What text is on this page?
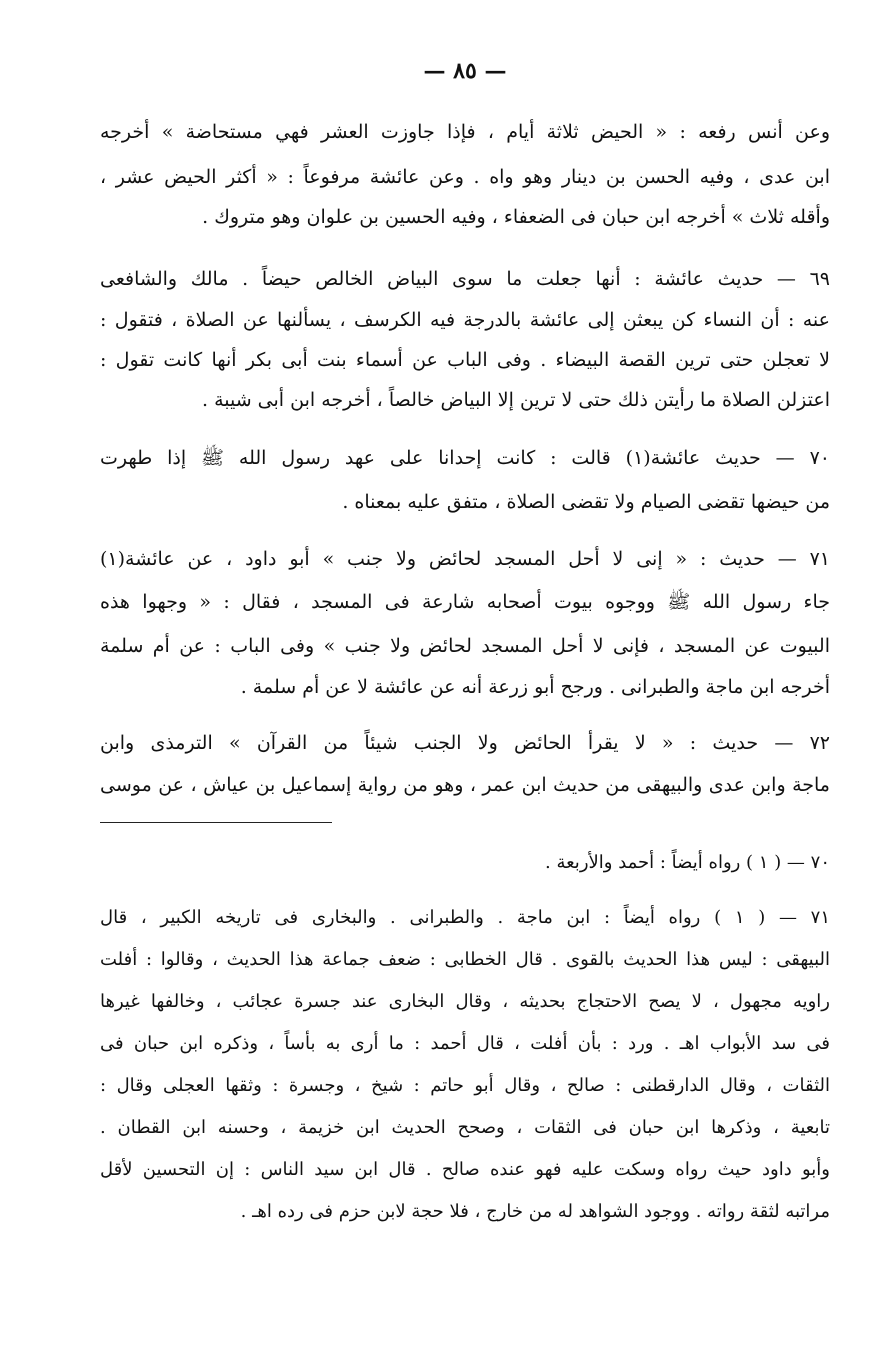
— ٨٥ —
وعن أنس رفعه : « الحيض ثلاثة أيام ، فإذا جاوزت العشر فهي مستحاضة » أخرجه
ابن عدى ، وفيه الحسن بن دينار وهو واه . وعن عائشة مرفوعاً : « أكثر الحيض عشر ،
وأقله ثلاث » أخرجه ابن حبان فى الضعفاء ، وفيه الحسين بن علوان وهو متروك .
٦٩ — حديث عائشة : أنها جعلت ما سوى البياض الخالص حيضاً . مالك والشافعى
عنه : أن النساء كن يبعثن إلى عائشة بالدرجة فيه الكرسف ، يسألنها عن الصلاة ، فتقول :
لا تعجلن حتى ترين القصة البيضاء . وفى الباب عن أسماء بنت أبى بكر أنها كانت تقول :
اعتزلن الصلاة ما رأيتن ذلك حتى لا ترين إلا البياض خالصاً ، أخرجه ابن أبى شيبة .
٧٠ — حديث عائشة(١) قالت : كانت إحدانا على عهد رسول الله ﷺ إذا طهرت
من حيضها تقضى الصيام ولا تقضى الصلاة ، متفق عليه بمعناه .
٧١ — حديث : « إنى لا أحل المسجد لحائض ولا جنب » أبو داود ، عن عائشة(١)
جاء رسول الله ﷺ ووجوه بيوت أصحابه شارعة فى المسجد ، فقال : « وجهوا هذه
البيوت عن المسجد ، فإنى لا أحل المسجد لحائض ولا جنب » وفى الباب : عن أم سلمة
أخرجه ابن ماجة والطبرانى . ورجح أبو زرعة أنه عن عائشة لا عن أم سلمة .
٧٢ — حديث : « لا يقرأ الحائض ولا الجنب شيئاً من القرآن » الترمذى وابن
ماجة وابن عدى والبيهقى من حديث ابن عمر ، وهو من رواية إسماعيل بن عياش ، عن موسى
٧٠ — ( ١ ) رواه أيضاً : أحمد والأربعة .
٧١ — ( ١ ) رواه أيضاً : ابن ماجة . والطبرانى . والبخارى فى تاريخه الكبير ، قال
البيهقى : ليس هذا الحديث بالقوى . قال الخطابى : ضعف جماعة هذا الحديث ، وقالوا : أفلت
راويه مجهول ، لا يصح الاحتجاج بحديثه ، وقال البخارى عند جسرة عجائب ، وخالفها غيرها
فى سد الأبواب اهـ . ورد : بأن أفلت ، قال أحمد : ما أرى به بأساً ، وذكره ابن حبان فى
الثقات ، وقال الدارقطنى : صالح ، وقال أبو حاتم : شيخ ، وجسرة : وثقها العجلى وقال :
تابعية ، وذكرها ابن حبان فى الثقات ، وصحح الحديث ابن خزيمة ، وحسنه ابن القطان .
وأبو داود حيث رواه وسكت عليه فهو عنده صالح . قال ابن سيد الناس : إن التحسين لأقل
مراتبه لثقة رواته . ووجود الشواهد له من خارج ، فلا حجة لابن حزم فى رده اهـ .
